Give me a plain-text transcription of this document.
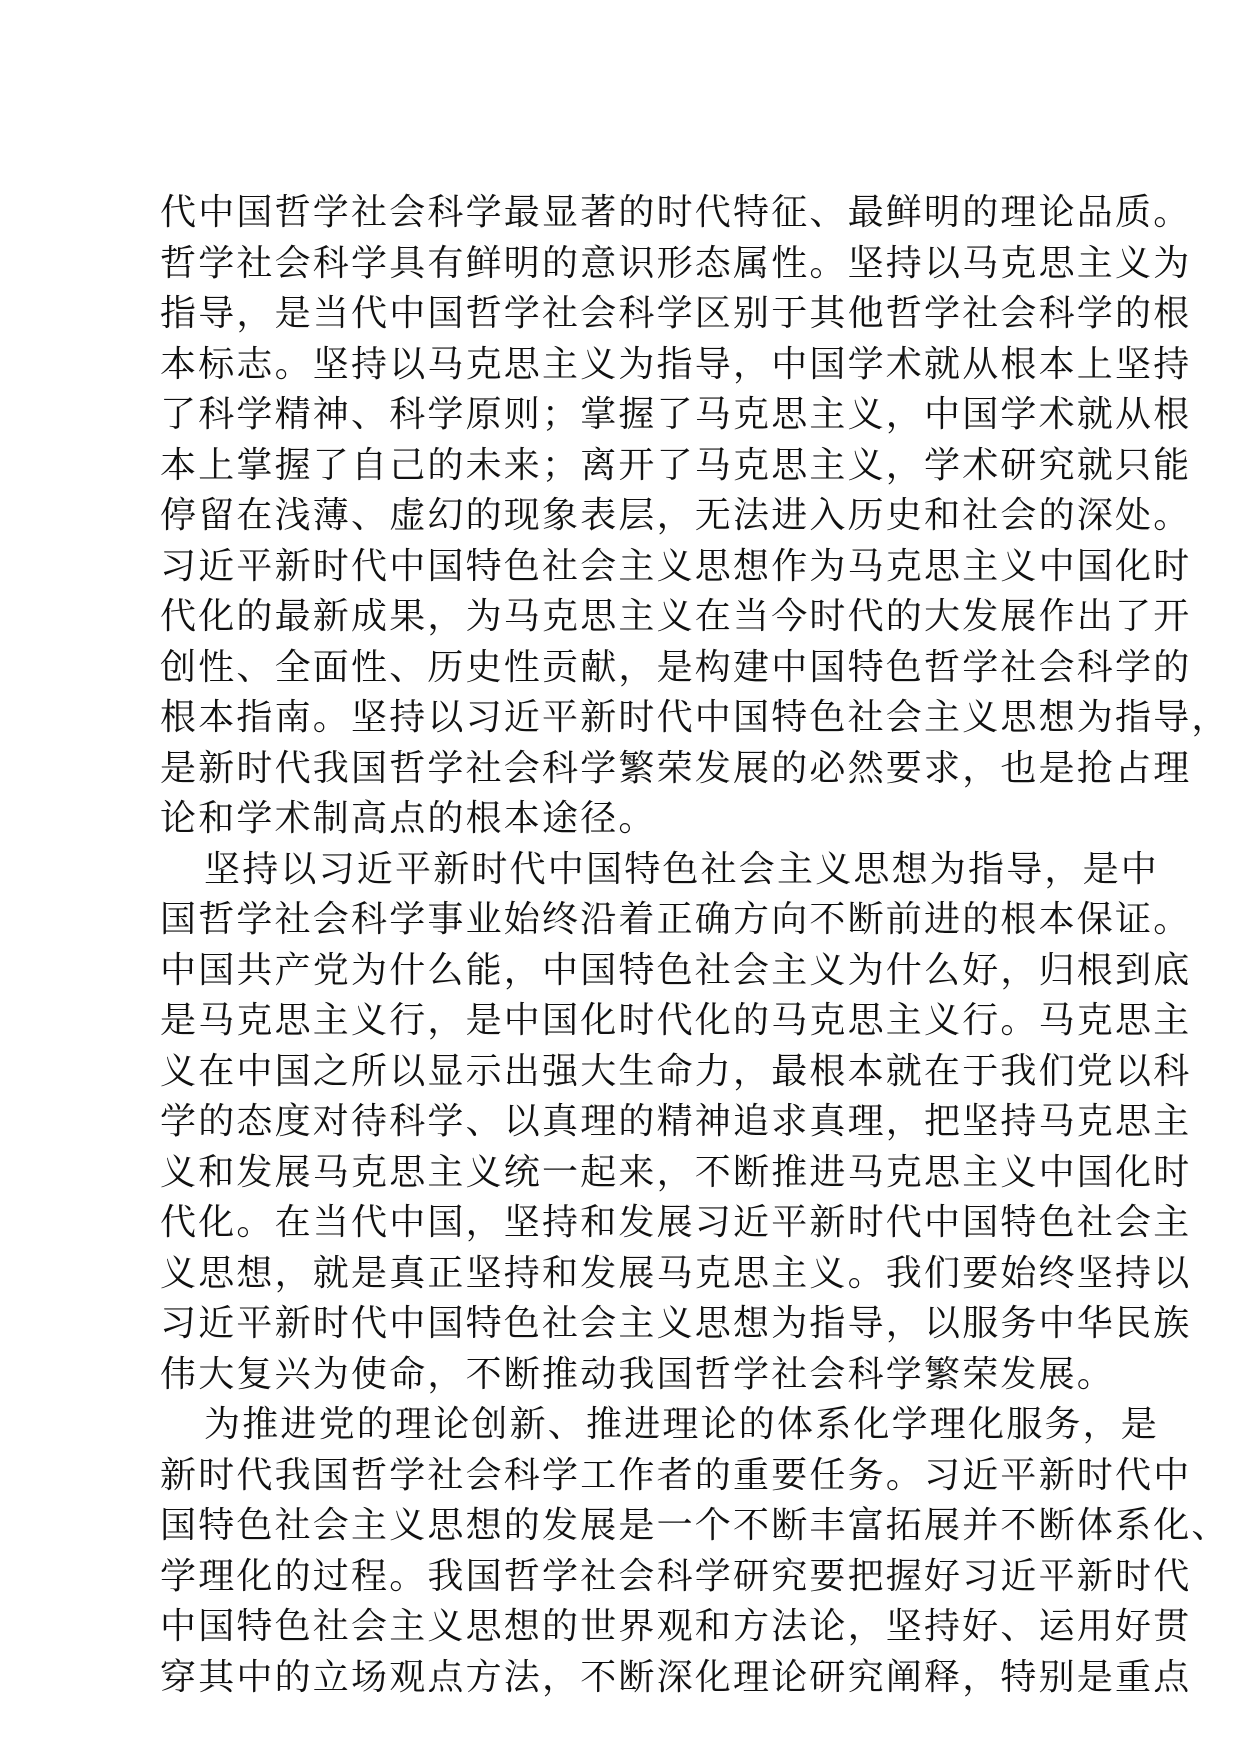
代中国哲学社会科学最显著的时代特征、最鲜明的理论品质。
哲学社会科学具有鲜明的意识形态属性。坚持以马克思主义为
指导，是当代中国哲学社会科学区别于其他哲学社会科学的根
本标志。坚持以马克思主义为指导，中国学术就从根本上坚持
了科学精神、科学原则；掌握了马克思主义，中国学术就从根
本上掌握了自己的未来；离开了马克思主义，学术研究就只能
停留在浅薄、虚幻的现象表层，无法进入历史和社会的深处。
习近平新时代中国特色社会主义思想作为马克思主义中国化时
代化的最新成果，为马克思主义在当今时代的大发展作出了开
创性、全面性、历史性贡献，是构建中国特色哲学社会科学的
根本指南。坚持以习近平新时代中国特色社会主义思想为指导，
是新时代我国哲学社会科学繁荣发展的必然要求，也是抢占理
论和学术制高点的根本途径。
坚持以习近平新时代中国特色社会主义思想为指导，是中
国哲学社会科学事业始终沿着正确方向不断前进的根本保证。
中国共产党为什么能，中国特色社会主义为什么好，归根到底
是马克思主义行，是中国化时代化的马克思主义行。马克思主
义在中国之所以显示出强大生命力，最根本就在于我们党以科
学的态度对待科学、以真理的精神追求真理，把坚持马克思主
义和发展马克思主义统一起来，不断推进马克思主义中国化时
代化。在当代中国，坚持和发展习近平新时代中国特色社会主
义思想，就是真正坚持和发展马克思主义。我们要始终坚持以
习近平新时代中国特色社会主义思想为指导，以服务中华民族
伟大复兴为使命，不断推动我国哲学社会科学繁荣发展。
为推进党的理论创新、推进理论的体系化学理化服务，是
新时代我国哲学社会科学工作者的重要任务。习近平新时代中
国特色社会主义思想的发展是一个不断丰富拓展并不断体系化、
学理化的过程。我国哲学社会科学研究要把握好习近平新时代
中国特色社会主义思想的世界观和方法论，坚持好、运用好贯
穿其中的立场观点方法，不断深化理论研究阐释，特别是重点
